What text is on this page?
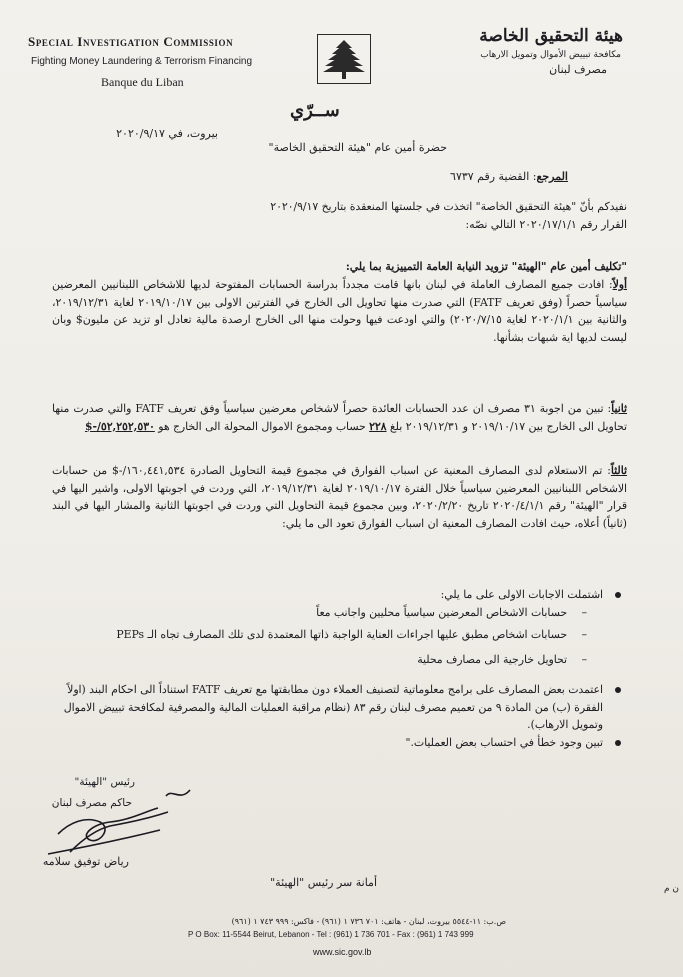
Special Investigation Commission
Fighting Money Laundering & Terrorism Financing
Banque du Liban
هيئة التحقيق الخاصة
مكافحة تبييض الأموال وتمويل الارهاب
مصرف لبنان
ســرّي
بيروت، في ٢٠٢٠/٩/١٧
حضرة أمين عام "هيئة التحقيق الخاصة"
المرجع: القضية رقم ٦٧٣٧

نفيدكم بأنّ "هيئة التحقيق الخاصة" اتخذت في جلستها المنعقدة بتاريخ ٢٠٢٠/٩/١٧

القرار رقم ٢٠٢٠/١٧/١/١ التالي نصّه:

"تكليف أمين عام "الهيئة" تزويد النيابة العامة التمييزية بما يلي:

أولاً: افادت جميع المصارف العاملة في لبنان بانها قامت مجدداً بدراسة الحسابات المفتوحة لديها للاشخاص اللبنانيين المعرضين سياسياً حصراً (وفق تعريف FATF) التي صدرت منها تحاويل الى الخارج في الفترتين الاولى بين ٢٠١٩/١٠/١٧ لغاية ٢٠١٩/١٢/٣١، والثانية بين ٢٠٢٠/١/١ لغاية ٢٠٢٠/٧/١٥) والتي اودعت فيها وحولت منها الى الخارج ارصدة مالية تعادل او تزيد عن مليون$ وبان ليست لديها اية شبهات بشأنها.

ثانياً: تبين من اجوبة ٣١ مصرف ان عدد الحسابات العائدة حصراً لاشخاص معرضين سياسياً وفق تعريف FATF والتي صدرت منها تحاويل الى الخارج بين ٢٠١٩/١٠/١٧ و ٢٠١٩/١٢/٣١ بلغ ٢٢٨ حساب ومجموع الاموال المحولة الى الخارج هو ٥٢,٢٥٢,٥٣٠/-$

ثالثاً: تم الاستعلام لدى المصارف المعنية عن اسباب الفوارق في مجموع قيمة التحاويل الصادرة ١٦٠,٤٤١,٥٣٤/-$ من حسابات الاشخاص اللبنانيين المعرضين سياسياً خلال الفترة ٢٠١٩/١٠/١٧ لغاية ٢٠١٩/١٢/٣١، التي وردت في اجوبتها الاولى، واشير اليها في قرار "الهيئة" رقم ٢٠٢٠/٤/١/١ تاريخ ٢٠٢٠/٢/٢٠، وبين مجموع قيمة التحاويل التي وردت في اجوبتها الثانية والمشار اليها في البند (ثانياً) أعلاه، حيث افادت المصارف المعنية ان اسباب الفوارق تعود الى ما يلي:

اشتملت الاجابات الاولى على ما يلي:

– حسابات الاشخاص المعرضين سياسياً محليين واجانب معاً

– حسابات اشخاص مطبق عليها اجراءات العناية الواجبة ذاتها المعتمدة لدى تلك المصارف تجاه الـ PEPs

– تحاويل خارجية الى مصارف محلية

اعتمدت بعض المصارف على برامج معلوماتية لتصنيف العملاء دون مطابقتها مع تعريف FATF استناداً الى احكام البند (اولاً الفقرة (ب) من المادة ٩ من تعميم مصرف لبنان رقم ٨٣ (نظام مراقبة العمليات المالية والمصرفية لمكافحة تبييض الاموال وتمويل الارهاب).

تبين وجود خطأ في احتساب بعض العمليات."

رئيس "الهيئة"
حاكم مصرف لبنان
رياض توفيق سلامه
أمانة سر رئيس "الهيئة"	ن م
ص.ب: ١١-٥٥٤٤ بيروت، لبنان - هاتف: ٧٠١ ٧٣٦ ١ (٩٦١) - فاكس: ٩٩٩ ٧٤٣ ١ (٩٦١)
P O Box: 11-5544 Beirut, Lebanon - Tel : (961) 1 736 701 - Fax : (961) 1 743 999
www.sic.gov.lb
